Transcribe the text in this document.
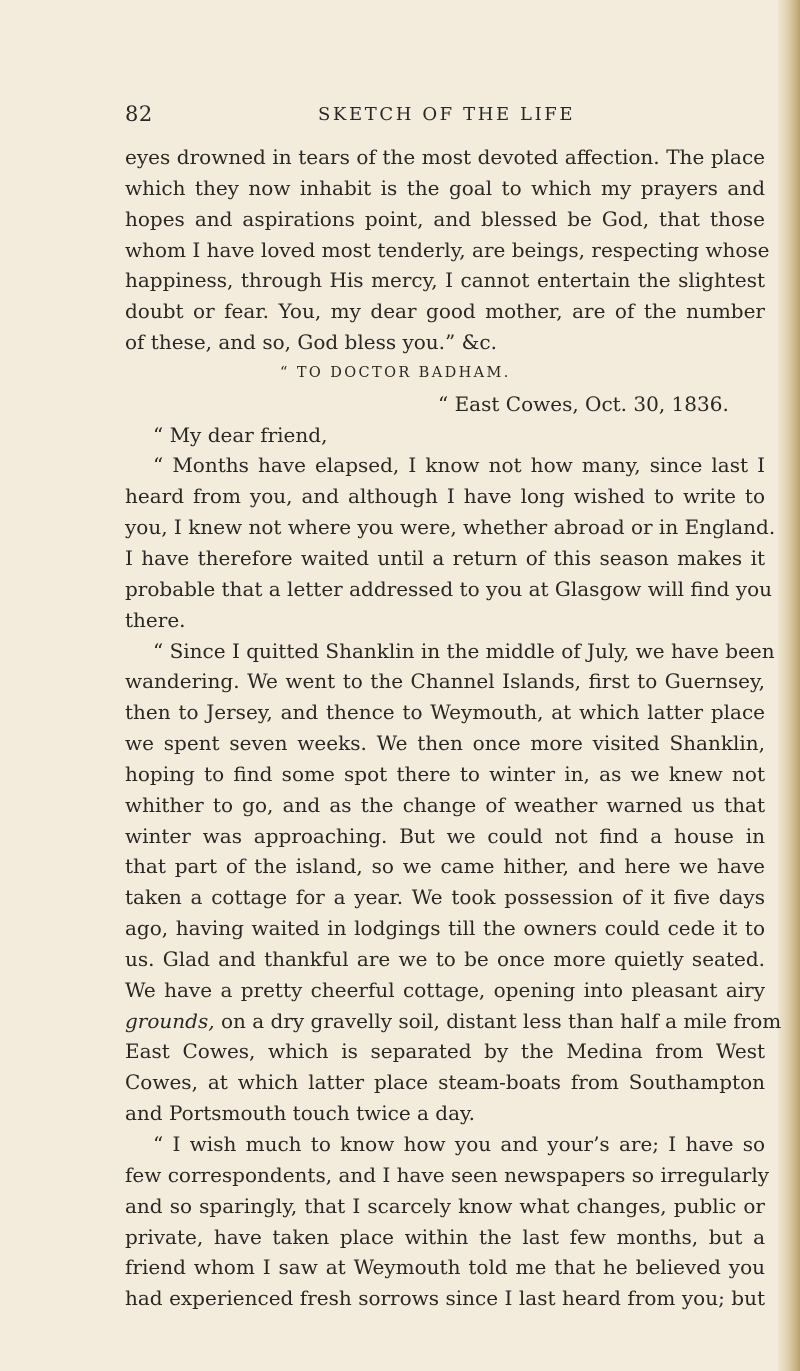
82	SKETCH OF THE LIFE
eyes drowned in tears of the most devoted affection. The place
which they now inhabit is the goal to which my prayers and
hopes and aspirations point, and blessed be God, that those
whom I have loved most tenderly, are beings, respecting whose
happiness, through His mercy, I cannot entertain the slightest
doubt or fear. You, my dear good mother, are of the number
of these, and so, God bless you.” &c.
“ TO DOCTOR BADHAM.
“ East Cowes, Oct. 30, 1836.
“ My dear friend,
“ Months have elapsed, I know not how many, since last I
heard from you, and although I have long wished to write to
you, I knew not where you were, whether abroad or in England.
I have therefore waited until a return of this season makes it
probable that a letter addressed to you at Glasgow will find you
there.
“ Since I quitted Shanklin in the middle of July, we have been
wandering. We went to the Channel Islands, first to Guernsey,
then to Jersey, and thence to Weymouth, at which latter place
we spent seven weeks. We then once more visited Shanklin,
hoping to find some spot there to winter in, as we knew not
whither to go, and as the change of weather warned us that
winter was approaching. But we could not find a house in
that part of the island, so we came hither, and here we have
taken a cottage for a year. We took possession of it five days
ago, having waited in lodgings till the owners could cede it to
us. Glad and thankful are we to be once more quietly seated.
We have a pretty cheerful cottage, opening into pleasant airy
grounds, on a dry gravelly soil, distant less than half a mile from
East Cowes, which is separated by the Medina from West
Cowes, at which latter place steam-boats from Southampton
and Portsmouth touch twice a day.
“ I wish much to know how you and your’s are; I have so
few correspondents, and I have seen newspapers so irregularly
and so sparingly, that I scarcely know what changes, public or
private, have taken place within the last few months, but a
friend whom I saw at Weymouth told me that he believed you
had experienced fresh sorrows since I last heard from you; but
